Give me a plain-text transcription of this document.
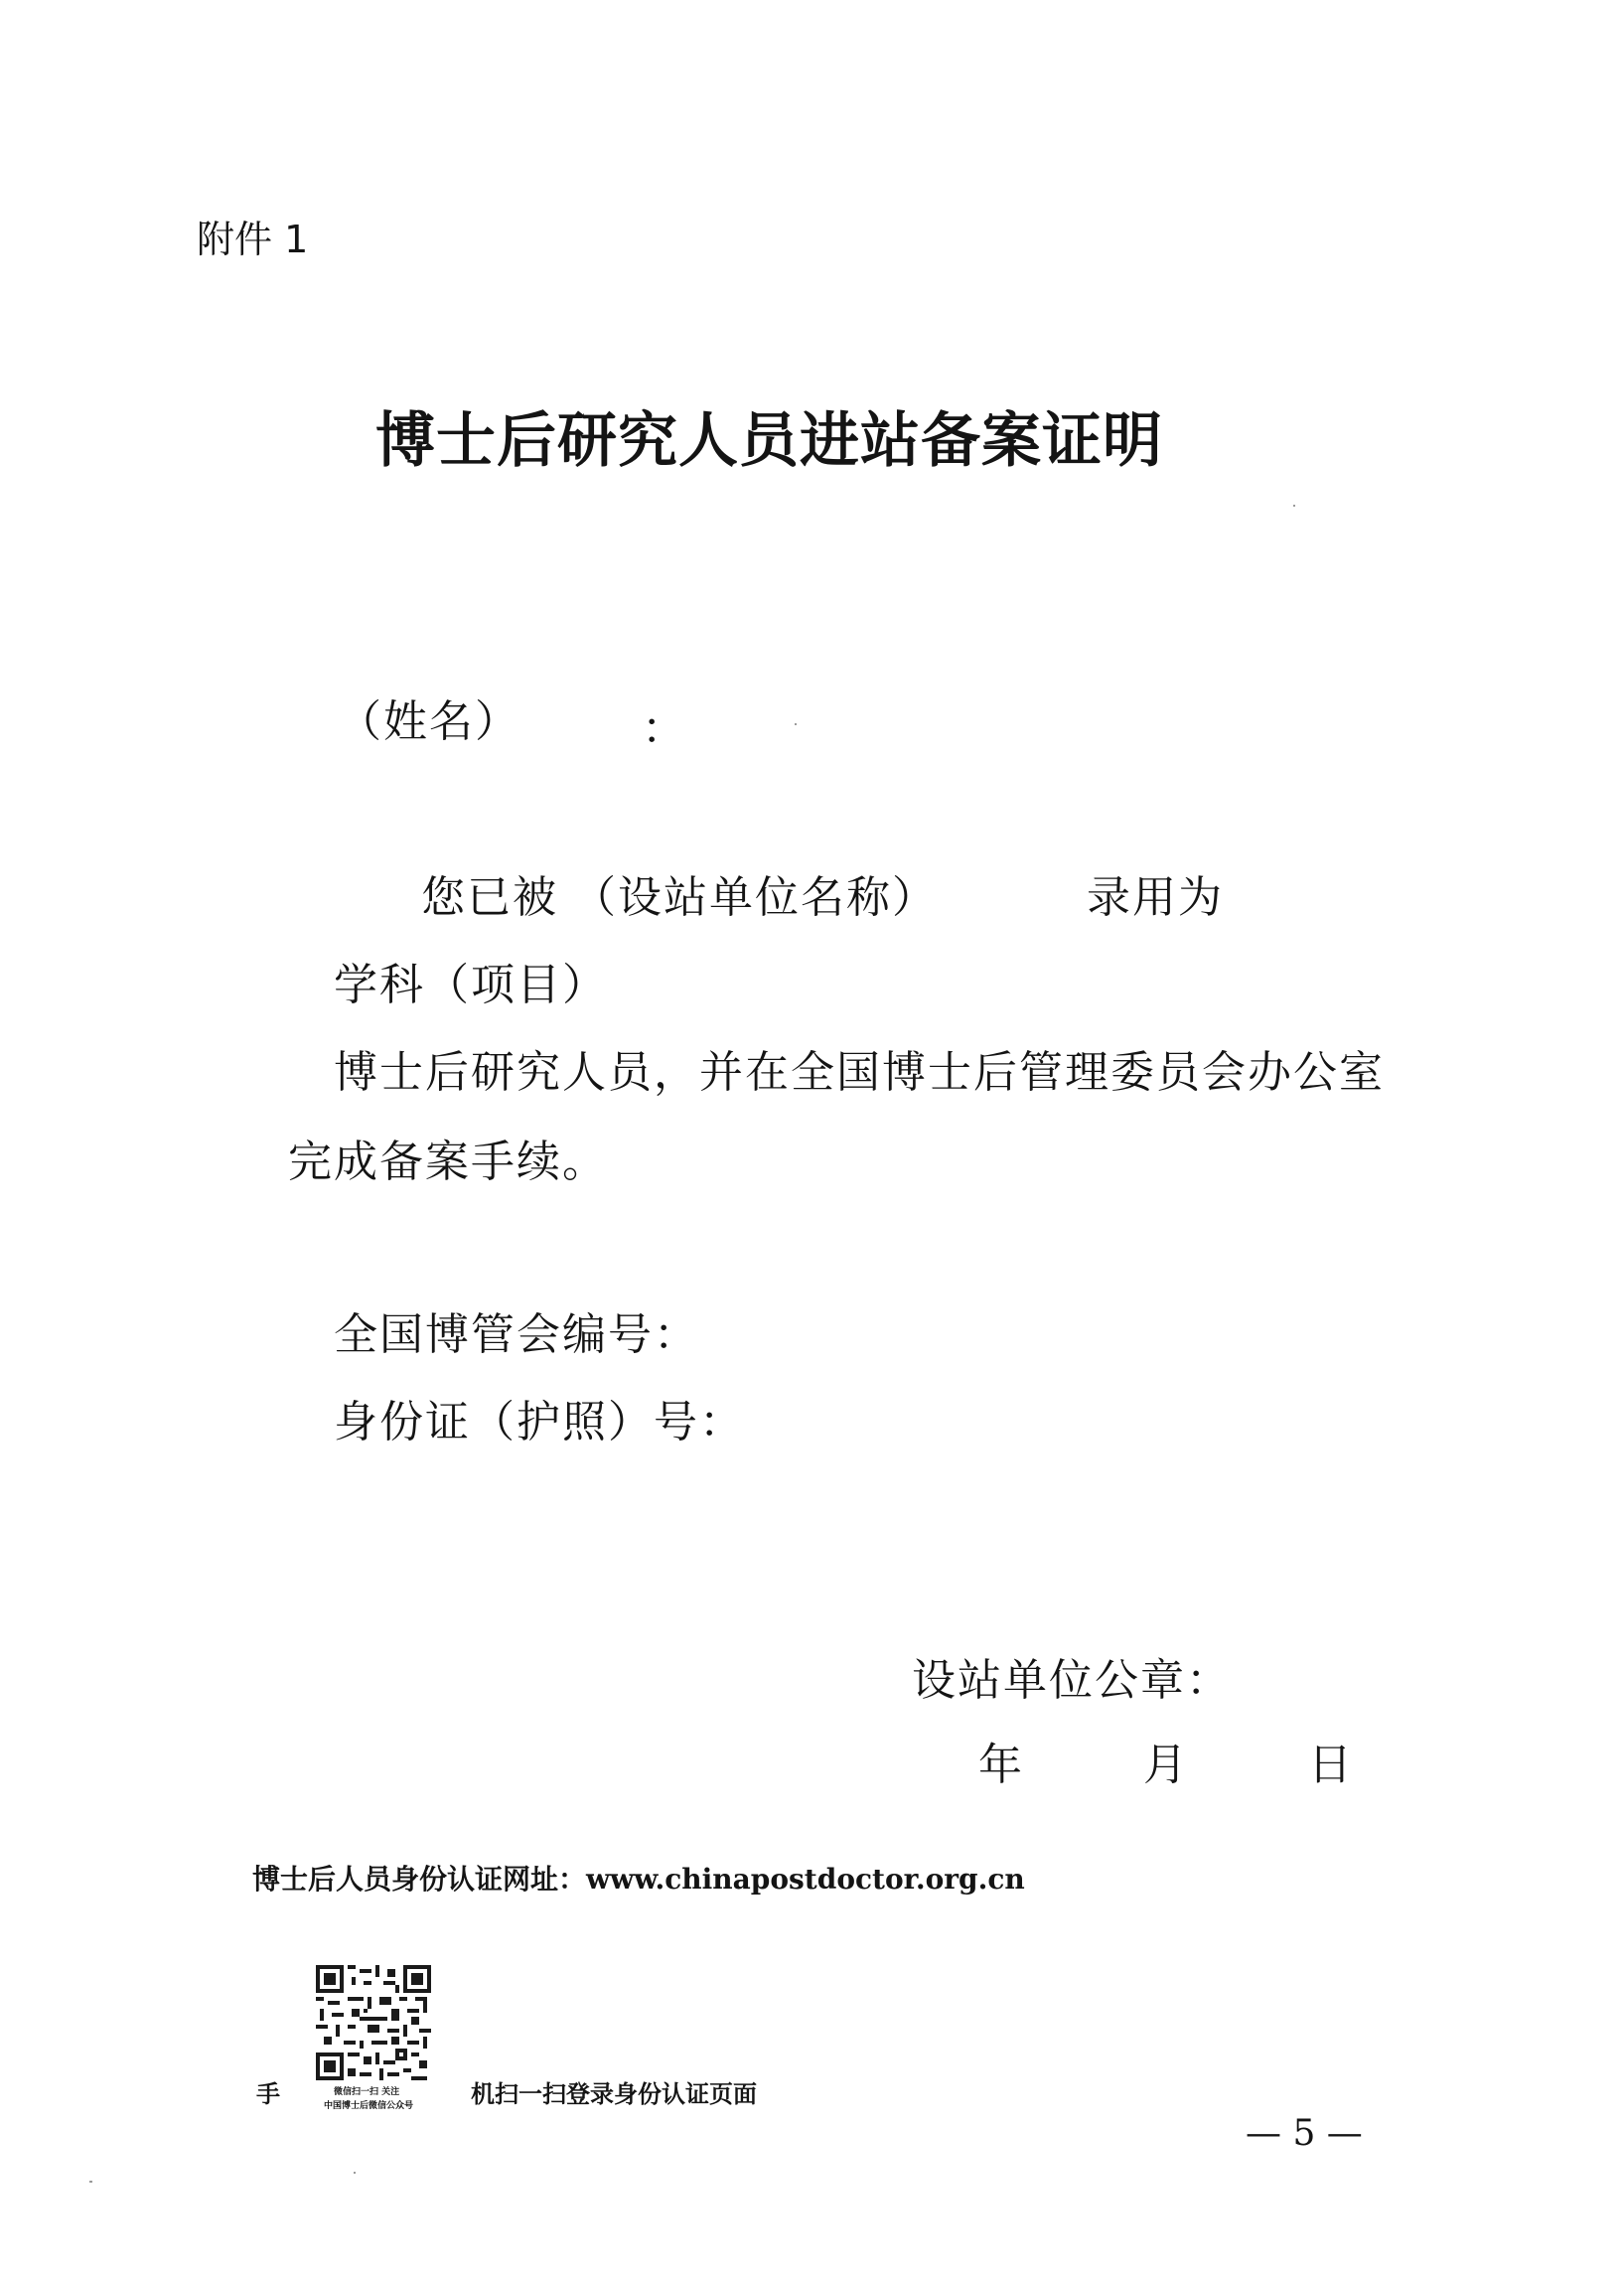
附件 1
博士后研究人员进站备案证明
（姓名）	：
您已被 （设站单位名称）	录用为
学科（项目）
博士后研究人员，并在全国博士后管理委员会办公室
完成备案手续。
全国博管会编号：
身份证（护照）号：
设站单位公章：
年	月	日
博士后人员身份认证网址：www.chinapostdoctor.org.cn
手	微信扫一扫 关注
中国博士后微信公众号 机扫一扫登录身份认证页面
— 5 —
